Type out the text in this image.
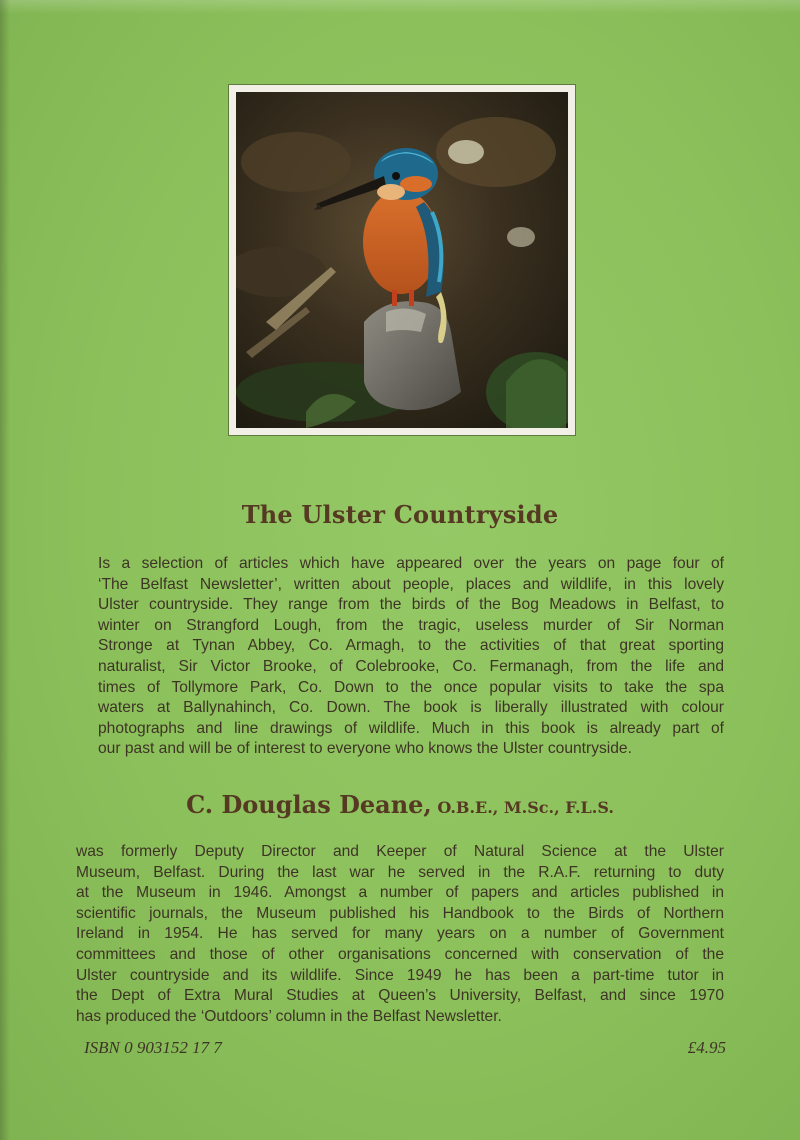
The Ulster Countryside
Is a selection of articles which have appeared over the years on page four of
‘The Belfast Newsletter’, written about people, places and wildlife, in this lovely
Ulster countryside. They range from the birds of the Bog Meadows in Belfast, to
winter on Strangford Lough, from the tragic, useless murder of Sir Norman
Stronge at Tynan Abbey, Co. Armagh, to the activities of that great sporting
naturalist, Sir Victor Brooke, of Colebrooke, Co. Fermanagh, from the life and
times of Tollymore Park, Co. Down to the once popular visits to take the spa
waters at Ballynahinch, Co. Down. The book is liberally illustrated with colour
photographs and line drawings of wildlife. Much in this book is already part of
our past and will be of interest to everyone who knows the Ulster countryside.
C. Douglas Deane, O.B.E., M.Sc., F.L.S.
was formerly Deputy Director and Keeper of Natural Science at the Ulster
Museum, Belfast. During the last war he served in the R.A.F. returning to duty
at the Museum in 1946. Amongst a number of papers and articles published in
scientific journals, the Museum published his Handbook to the Birds of Northern
Ireland in 1954. He has served for many years on a number of Government
committees and those of other organisations concerned with conservation of the
Ulster countryside and its wildlife. Since 1949 he has been a part-time tutor in
the Dept of Extra Mural Studies at Queen’s University, Belfast, and since 1970
has produced the ‘Outdoors’ column in the Belfast Newsletter.
ISBN 0 903152 17 7	£4.95
